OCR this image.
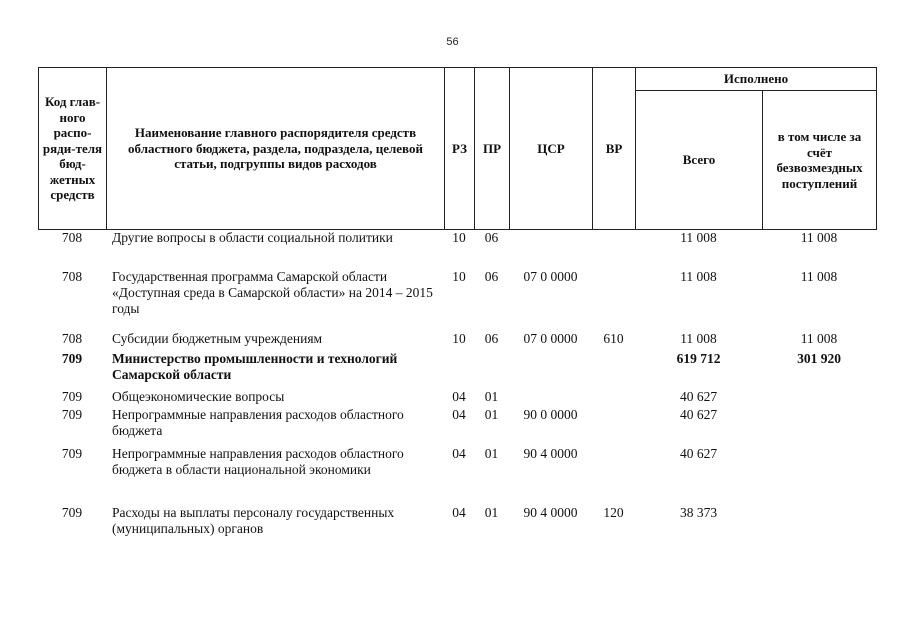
56
Код глав-ного распо-ряди-теля бюд-жетных средств	Наименование главного распорядителя средств областного бюджета, раздела, подраздела, целевой статьи, подгруппы видов расходов	РЗ	ПР	ЦСР	ВР	Исполнено	
						Всего	в том числе за счёт безвозмездных поступлений
708	Другие вопросы в области социальной политики	10	06			11 008	11 008
708	Государственная программа Самарской области «Доступная среда в Самарской области» на 2014 – 2015 годы	10	06	07 0 0000		11 008	11 008
708	Субсидии бюджетным учреждениям	10	06	07 0 0000	610	11 008	11 008
709	Министерство промышленности и технологий Самарской области					619 712	301 920
709	Общеэкономические вопросы	04	01			40 627	
709	Непрограммные направления расходов областного бюджета	04	01	90 0 0000		40 627	
709	Непрограммные направления расходов областного бюджета в области национальной экономики	04	01	90 4 0000		40 627	
709	Расходы на выплаты персоналу государственных (муниципальных) органов	04	01	90 4 0000	120	38 373	
